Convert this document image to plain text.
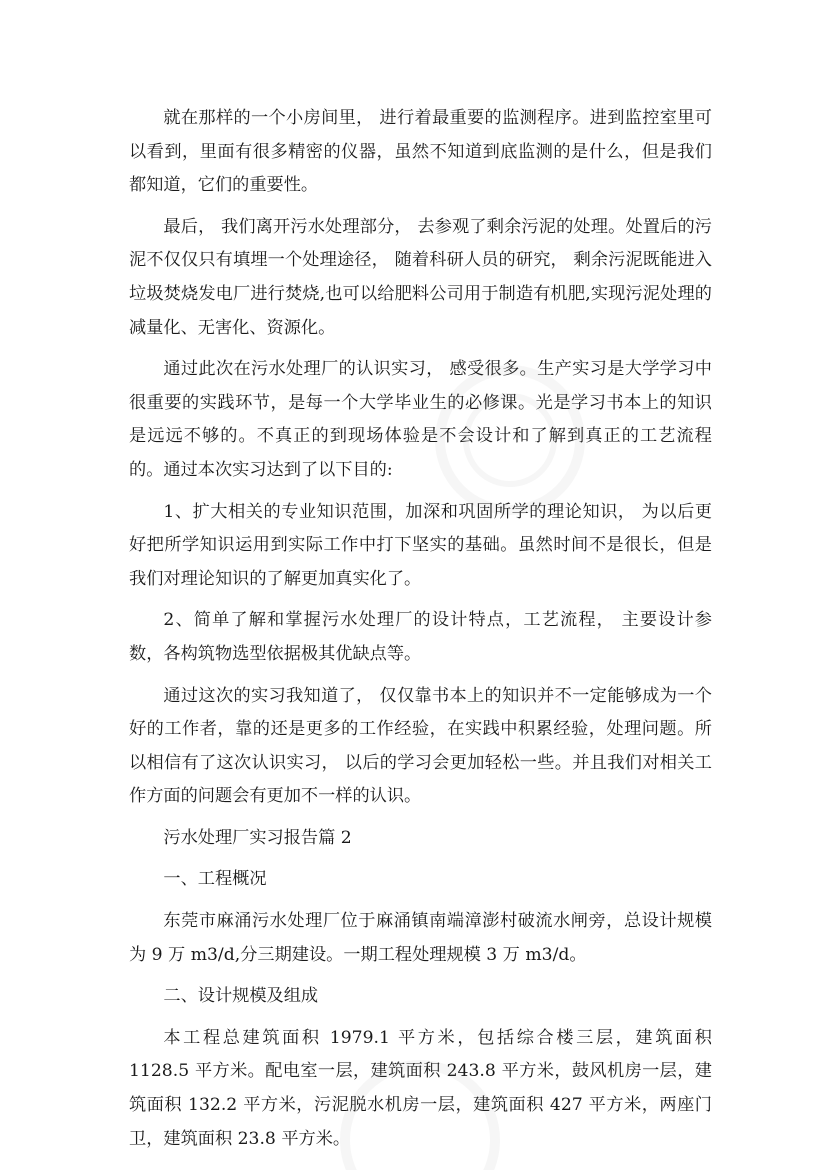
就在那样的一个小房间里， 进行着最重要的监测程序。进到监控室里可以看到，里面有很多精密的仪器，虽然不知道到底监测的是什么，但是我们都知道，它们的重要性。

最后， 我们离开污水处理部分， 去参观了剩余污泥的处理。处置后的污泥不仅仅只有填埋一个处理途径， 随着科研人员的研究， 剩余污泥既能进入垃圾焚烧发电厂进行焚烧,也可以给肥料公司用于制造有机肥,实现污泥处理的减量化、无害化、资源化。

通过此次在污水处理厂的认识实习， 感受很多。生产实习是大学学习中很重要的实践环节，是每一个大学毕业生的必修课。光是学习书本上的知识是远远不够的。不真正的到现场体验是不会设计和了解到真正的工艺流程的。通过本次实习达到了以下目的:

1、扩大相关的专业知识范围，加深和巩固所学的理论知识， 为以后更好把所学知识运用到实际工作中打下坚实的基础。虽然时间不是很长，但是我们对理论知识的了解更加真实化了。

2、简单了解和掌握污水处理厂的设计特点，工艺流程， 主要设计参数，各构筑物选型依据极其优缺点等。

通过这次的实习我知道了， 仅仅靠书本上的知识并不一定能够成为一个好的工作者，靠的还是更多的工作经验，在实践中积累经验，处理问题。所以相信有了这次认识实习， 以后的学习会更加轻松一些。并且我们对相关工作方面的问题会有更加不一样的认识。

污水处理厂实习报告篇 2

一、工程概况

东莞市麻涌污水处理厂位于麻涌镇南端漳澎村破流水闸旁，总设计规模为 9 万 m3/d,分三期建设。一期工程处理规模 3 万 m3/d。

二、设计规模及组成

本工程总建筑面积 1979.1 平方米，包括综合楼三层，建筑面积 1128.5 平方米。配电室一层，建筑面积 243.8 平方米，鼓风机房一层，建筑面积 132.2 平方米，污泥脱水机房一层，建筑面积 427 平方米，两座门卫，建筑面积 23.8 平方米。
